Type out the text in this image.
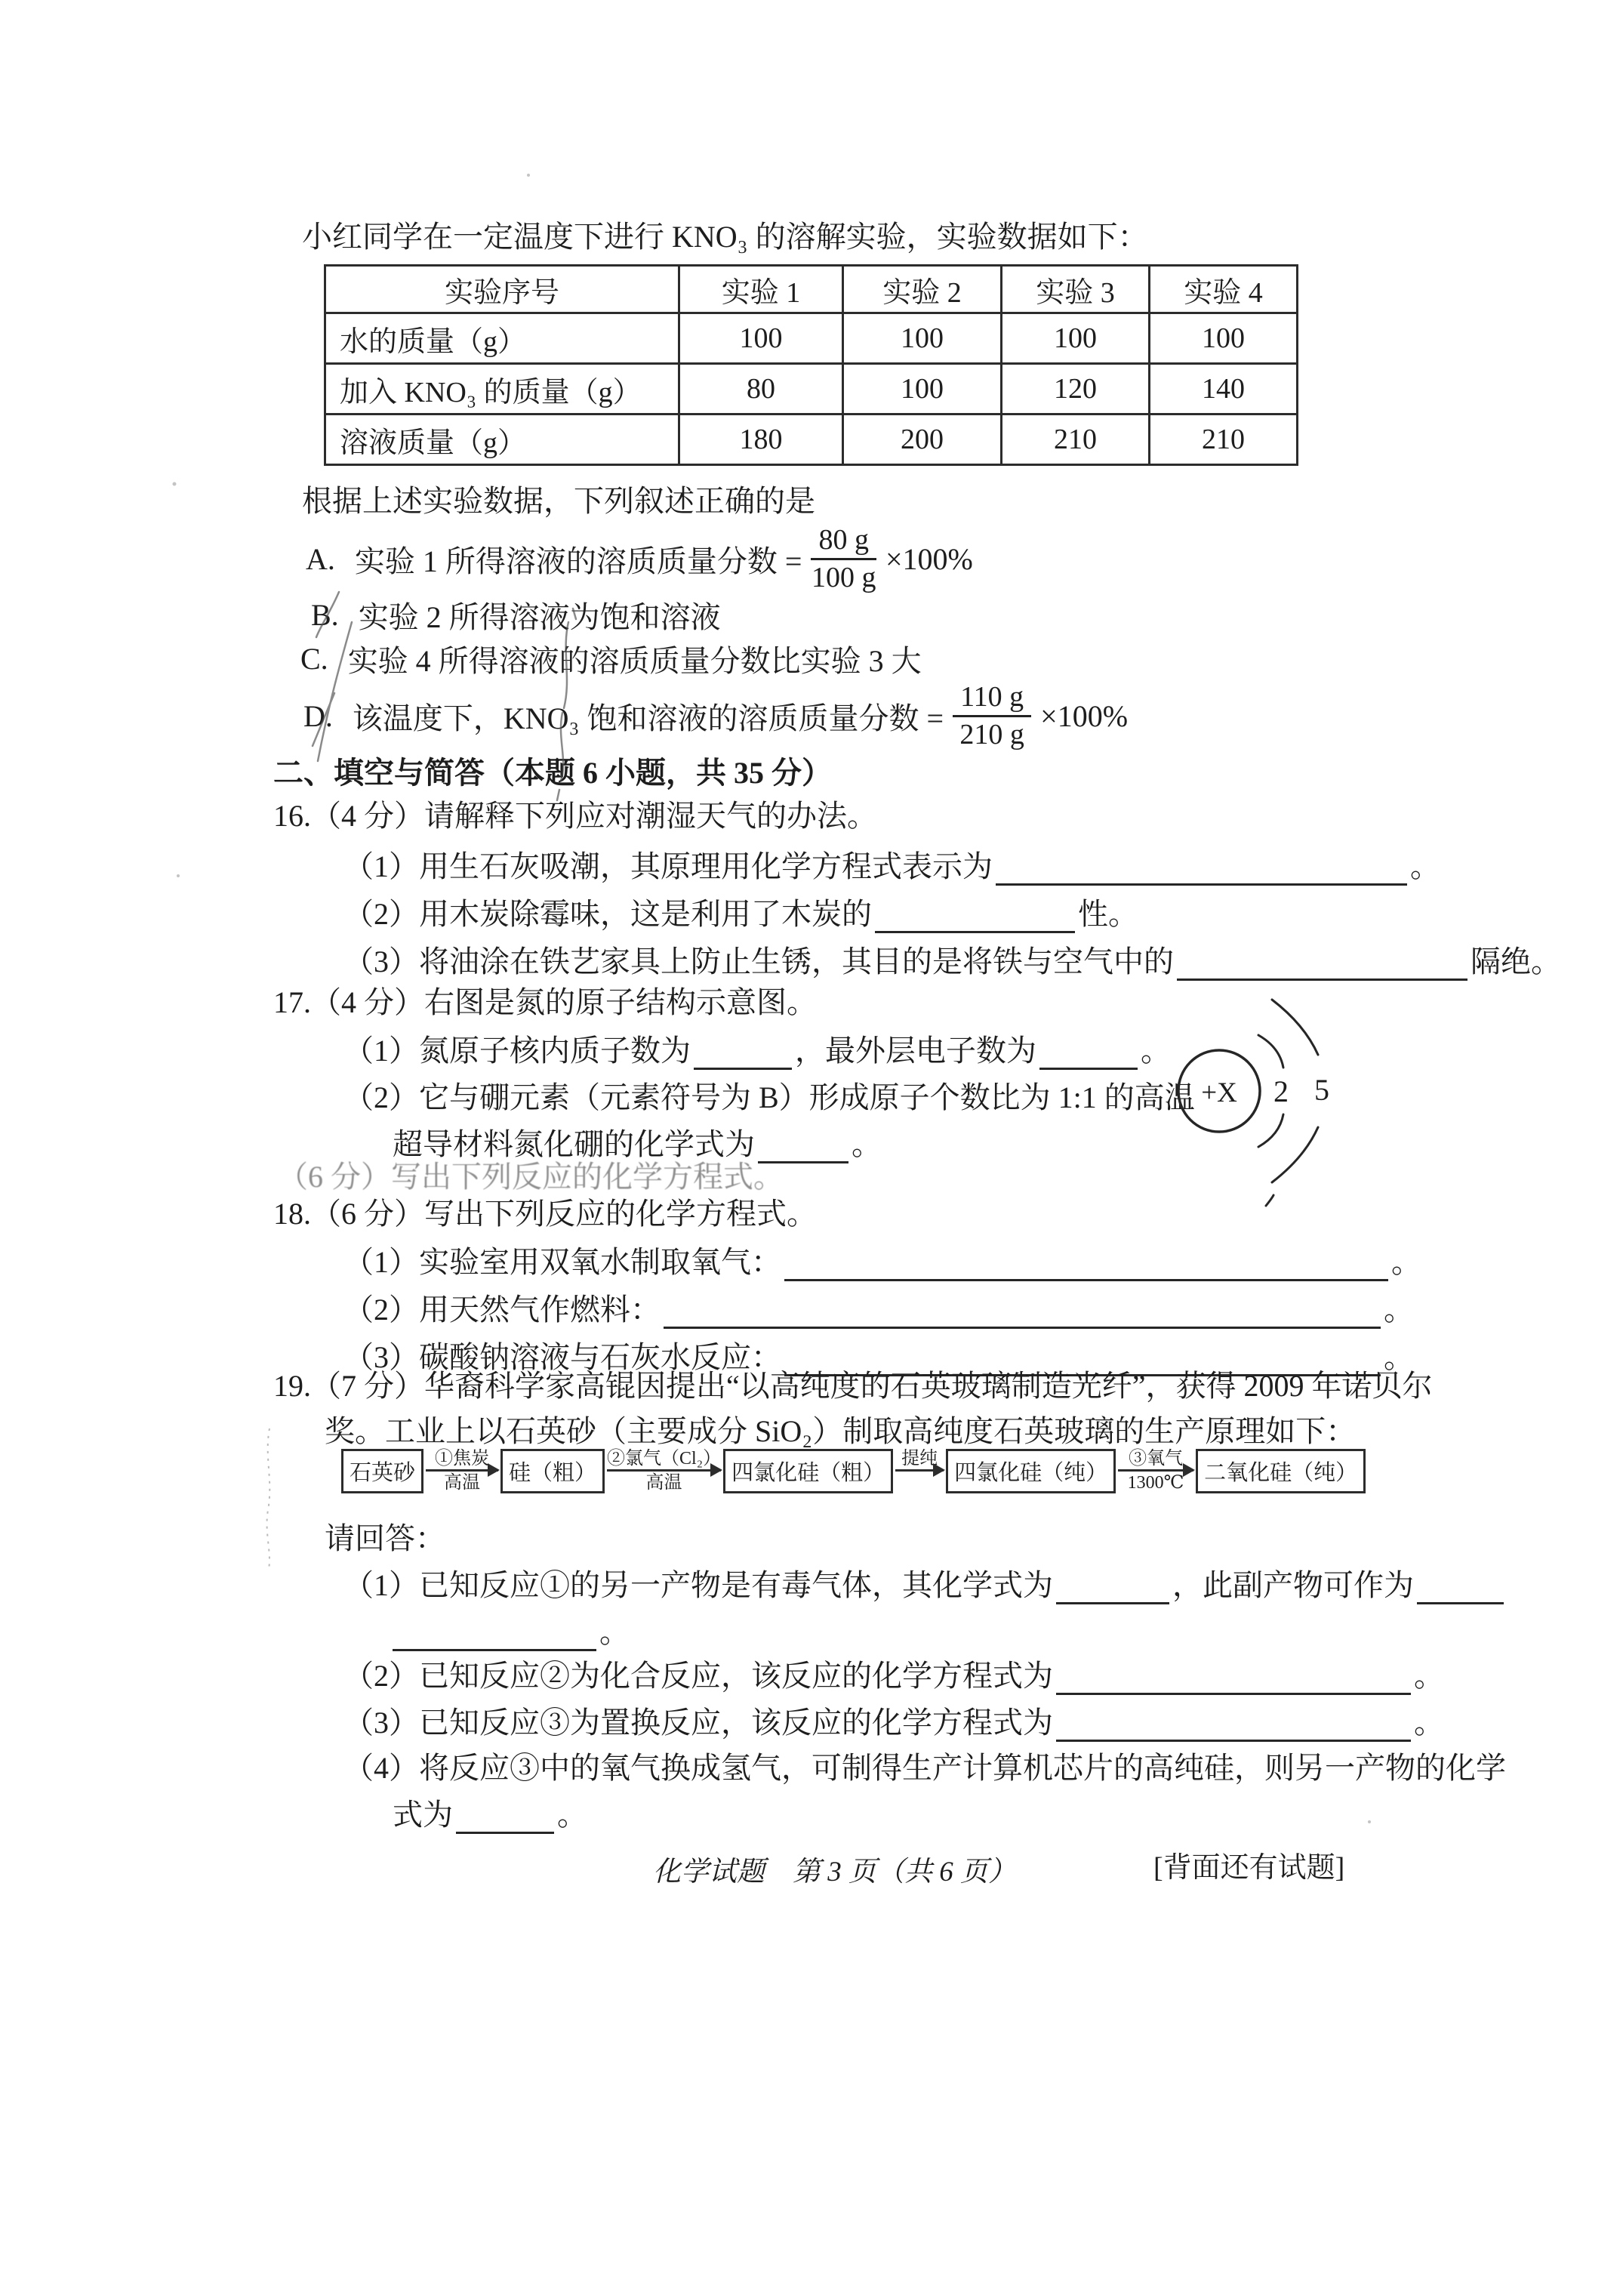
小红同学在一定温度下进行 KNO₃ 的溶解实验，实验数据如下：
实验序号	实验 1	实验 2	实验 3	实验 4
水的质量（g）	100	100	100	100
加入 KNO₃ 的质量（g）	80	100	120	140
溶液质量（g）	180	200	210	210
根据上述实验数据，下列叙述正确的是
A. 实验 1 所得溶液的溶质质量分数 = $\frac{80 g}{100 g} \times 100\%$
B. 实验 2 所得溶液为饱和溶液
C. 实验 4 所得溶液的溶质质量分数比实验 3 大
D. 该温度下，KNO₃ 饱和溶液的溶质质量分数 = $\frac{110 g}{210 g} \times 100\%$
二、填空与简答（本题 6 小题，共 35 分）
16.（4 分）请解释下列应对潮湿天气的办法。
（1）用生石灰吸潮，其原理用化学方程式表示为	。
（2）用木炭除霉味，这是利用了木炭的	性。
（3）将油涂在铁艺家具上防止生锈，其目的是将铁与空气中的	隔绝。
17.（4 分）右图是氮的原子结构示意图。
（1）氮原子核内质子数为	，最外层电子数为	。
（2）它与硼元素（元素符号为 B）形成原子个数比为 1:1 的高温
超导材料氮化硼的化学式为	。
+X 2 5
（6 分）写出下列反应的化学方程式。
18.（6 分）写出下列反应的化学方程式。
（1）实验室用双氧水制取氧气：	。
（2）用天然气作燃料：	。
（3）碳酸钠溶液与石灰水反应：	。
19.（7 分）华裔科学家高锟因提出“以高纯度的石英玻璃制造光纤”，获得 2009 年诺贝尔
奖。工业上以石英砂（主要成分 SiO₂）制取高纯度石英玻璃的生产原理如下：
石英砂
①焦炭
高温	硅（粗）
②氯气（Cl₂）
高温	四氯化硅（粗）
提纯
四氯化硅（纯）
③氧气
1300℃ 二氧化硅（纯）
请回答：
（1）已知反应①的另一产物是有毒气体，其化学式为	，此副产物可作为
。
（2）已知反应②为化合反应，该反应的化学方程式为	。
（3）已知反应③为置换反应，该反应的化学方程式为	。
（4）将反应③中的氧气换成氢气，可制得生产计算机芯片的高纯硅，则另一产物的化学
式为	。
化学试题　第 3 页（共 6 页）	[背面还有试题]
